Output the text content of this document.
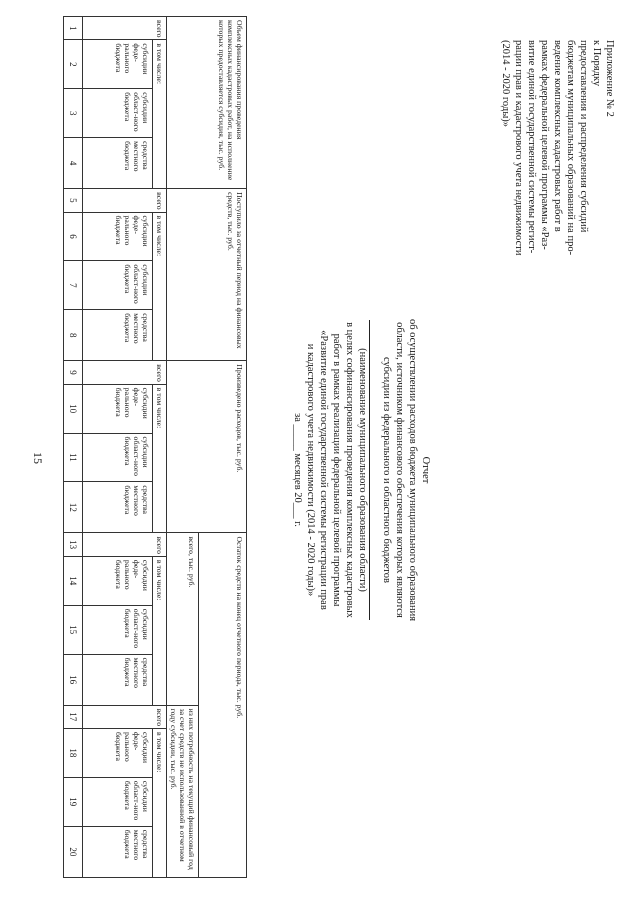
15
Приложение № 2
к Порядку
предоставления и распределения субсидий
бюджетам муниципальных образований на про-
ведение комплексных кадастровых работ в
рамках федеральной целевой программы «Раз-
витие единой государственной системы регист-
рации прав и кадастрового учета недвижимости
(2014 - 2020 годы)»
Отчет
об осуществлении расходов бюджета муниципального образования
области, источником финансового обеспечения которых являются
субсидии из федерального и областного бюджетов
(наименование муниципального образования области)
в целях софинансирования проведения комплексных кадастровых
работ в рамках реализации федеральной целевой программы
«Развитие единой государственной системы регистрации прав
и кадастрового учета недвижимости (2014 - 2020 годы)»
за _____ месяцев 20___ г.
Объем финансирования проведения комплексных кадастровых работ, на исполнение которых предоставляется субсидия, тыс. руб.				Поступило за отчетный период на финансовых средств, тыс. руб.				Произведено расходов, тыс. руб.				Остаток средств на конец отчетного периода, тыс. руб.							
												всего, тыс. руб.				из них потребность на текущий финансовый год за счет средств не использованной в отчетном году субсидии, тыс. руб.			
всего	в том числе:			всего	в том числе:			всего	в том числе:			всего	в том числе:			всего	в том числе:		
	субсидии феде-рального бюджета	субсидии област-ного бюджета	средства местного бюджета		субсидии феде-рального бюджета	субсидии област-ного бюджета	средства местного бюджета		субсидии феде-рального бюджета	субсидии област-ного бюджета	средства местного бюджета		субсидии феде-рального бюджета	субсидии област-ного бюджета	средства местного бюджета		субсидии феде-рального бюджета	субсидии област-ного бюджета	средства местного бюджета
1	2	3	4	5	6	7	8	9	10	11	12	13	14	15	16	17	18	19	20
